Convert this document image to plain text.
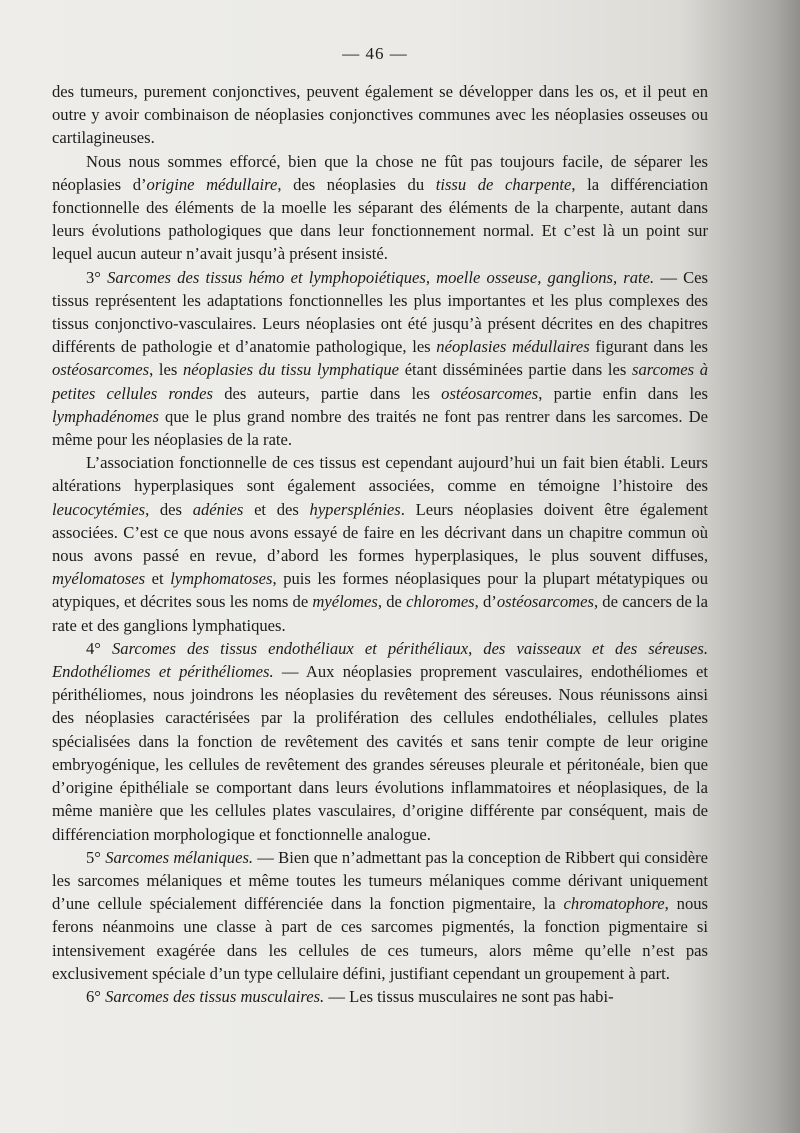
— 46 —

des tumeurs, purement conjonctives, peuvent également se développer dans les os, et il peut en outre y avoir combinaison de néoplasies conjonctives communes avec les néoplasies osseuses ou cartilagineuses.

Nous nous sommes efforcé, bien que la chose ne fût pas toujours facile, de séparer les néoplasies d’origine médullaire, des néoplasies du tissu de charpente, la différenciation fonctionnelle des éléments de la moelle les séparant des éléments de la charpente, autant dans leurs évolutions pathologiques que dans leur fonctionnement normal. Et c’est là un point sur lequel aucun auteur n’avait jusqu’à présent insisté.

3° Sarcomes des tissus hémo et lymphopoiétiques, moelle osseuse, ganglions, rate. — Ces tissus représentent les adaptations fonctionnelles les plus importantes et les plus complexes des tissus conjonctivo-vasculaires. Leurs néoplasies ont été jusqu’à présent décrites en des chapitres différents de pathologie et d’anatomie pathologique, les néoplasies médullaires figurant dans les ostéosarcomes, les néoplasies du tissu lymphatique étant disséminées partie dans les sarcomes à petites cellules rondes des auteurs, partie dans les ostéosarcomes, partie enfin dans les lymphadénomes que le plus grand nombre des traités ne font pas rentrer dans les sarcomes. De même pour les néoplasies de la rate.

L’association fonctionnelle de ces tissus est cependant aujourd’hui un fait bien établi. Leurs altérations hyperplasiques sont également associées, comme en témoigne l’histoire des leucocytémies, des adénies et des hypersplénies. Leurs néoplasies doivent être également associées. C’est ce que nous avons essayé de faire en les décrivant dans un chapitre commun où nous avons passé en revue, d’abord les formes hyperplasiques, le plus souvent diffuses, myélomatoses et lymphomatoses, puis les formes néoplasiques pour la plupart métatypiques ou atypiques, et décrites sous les noms de myélomes, de chloromes, d’ostéosarcomes, de cancers de la rate et des ganglions lymphatiques.

4° Sarcomes des tissus endothéliaux et périthéliaux, des vaisseaux et des séreuses. Endothéliomes et périthéliomes. — Aux néoplasies proprement vasculaires, endothéliomes et périthéliomes, nous joindrons les néoplasies du revêtement des séreuses. Nous réunissons ainsi des néoplasies caractérisées par la prolifération des cellules endothéliales, cellules plates spécialisées dans la fonction de revêtement des cavités et sans tenir compte de leur origine embryogénique, les cellules de revêtement des grandes séreuses pleurale et péritonéale, bien que d’origine épithéliale se comportant dans leurs évolutions inflammatoires et néoplasiques, de la même manière que les cellules plates vasculaires, d’origine différente par conséquent, mais de différenciation morphologique et fonctionnelle analogue.

5° Sarcomes mélaniques. — Bien que n’admettant pas la conception de Ribbert qui considère les sarcomes mélaniques et même toutes les tumeurs mélaniques comme dérivant uniquement d’une cellule spécialement différenciée dans la fonction pigmentaire, la chromatophore, nous ferons néanmoins une classe à part de ces sarcomes pigmentés, la fonction pigmentaire si intensivement exagérée dans les cellules de ces tumeurs, alors même qu’elle n’est pas exclusivement spéciale d’un type cellulaire défini, justifiant cependant un groupement à part.

6° Sarcomes des tissus musculaires. — Les tissus musculaires ne sont pas habi-
